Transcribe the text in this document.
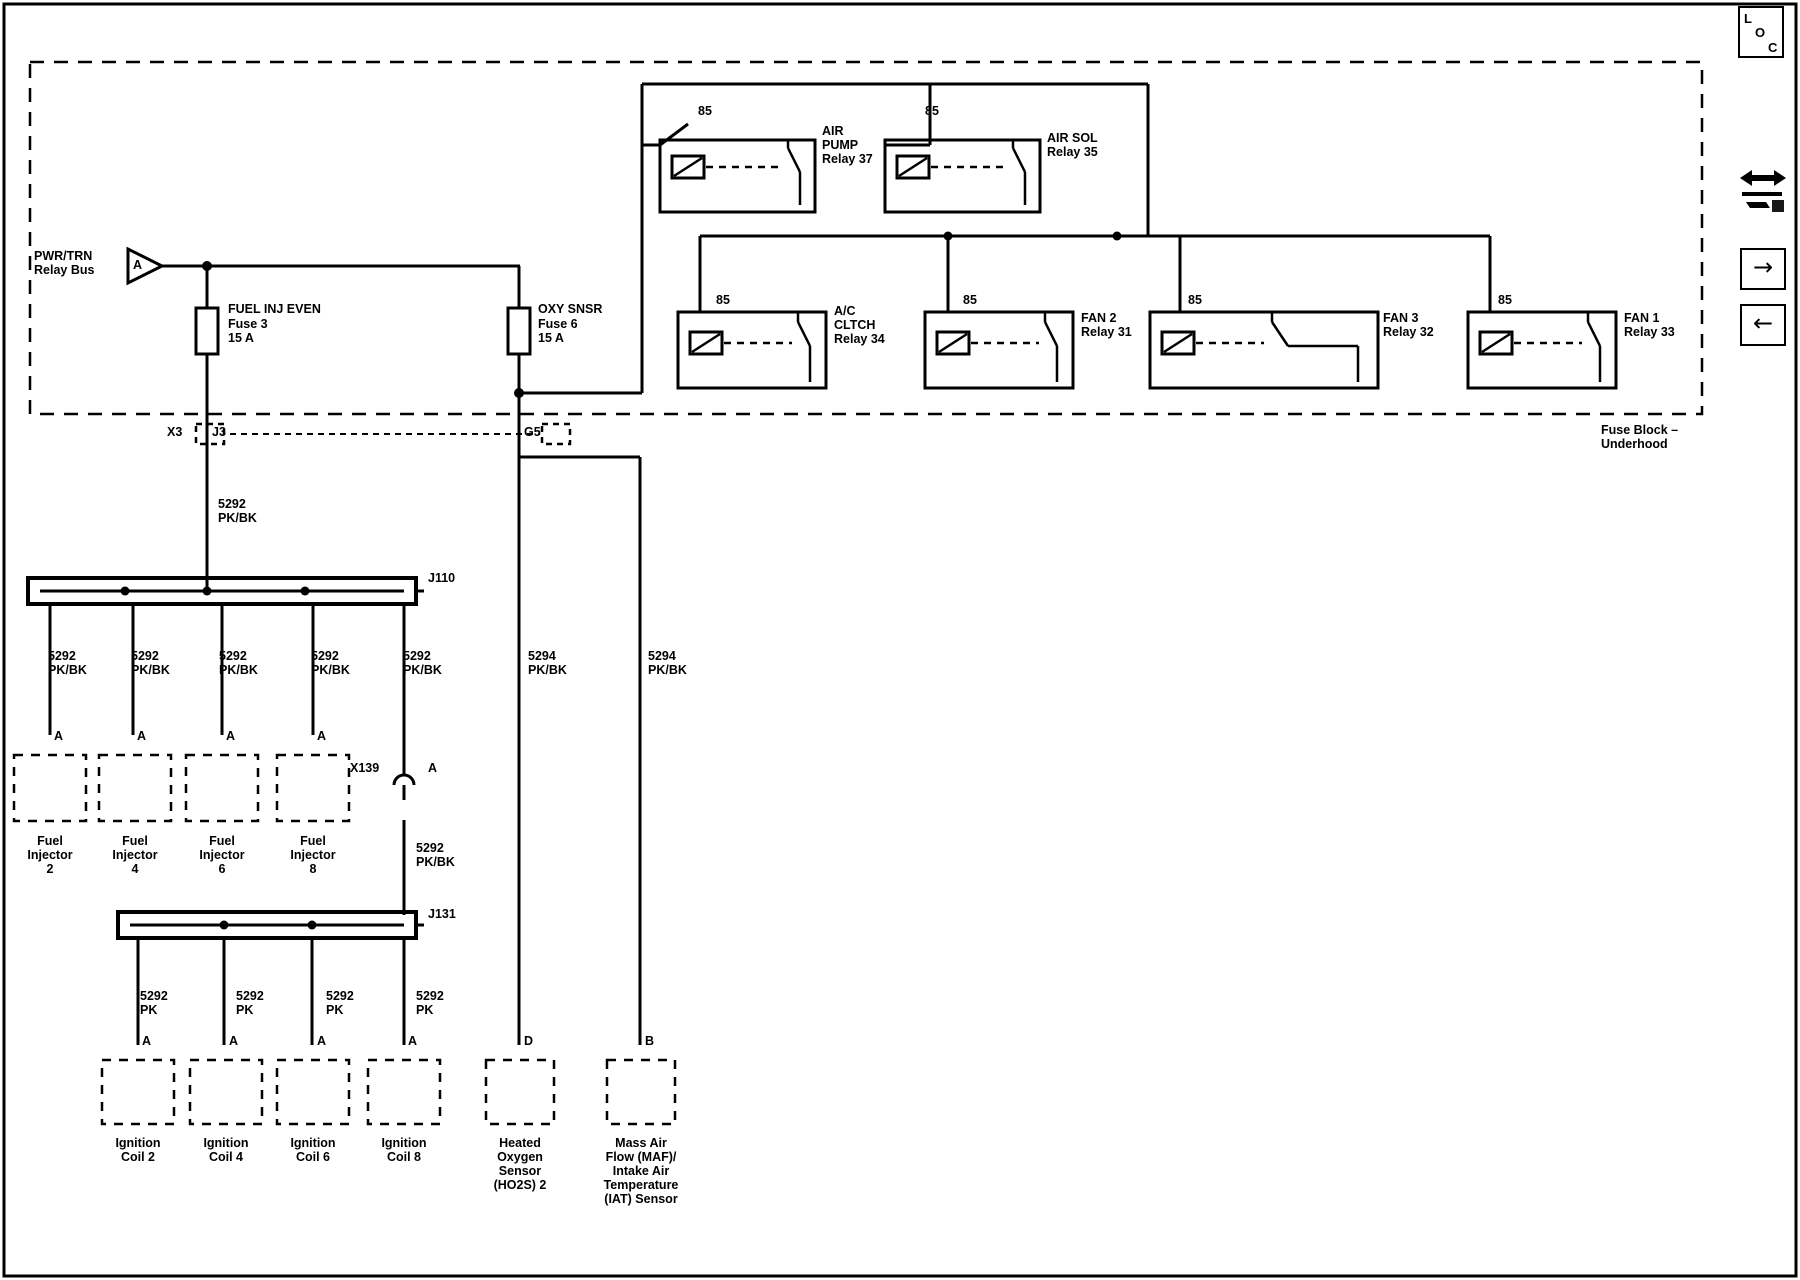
PWR/TRN
Relay Bus	A
FUEL INJ EVEN
Fuse 3
15 A
OXY SNSR
Fuse 6
15 A
85
AIR
PUMP
Relay 37
85
AIR SOL
Relay 35
85
A/C
CLTCH
Relay 34
85
FAN 3
Relay 32
FAN 2
Relay 31
85	85
FAN 1
Relay 33
Fuse Block –
Underhood
X3 J3	G5
J110
J131
X139	A
5292
PK/BK
5292
PK/BK
5292
PK/BK
5292
PK/BK
5292
PK/BK
5292
PK/BK
5294
PK/BK
5294
PK/BK
A	A	A	A
Fuel
Injector
2
Fuel
Injector
4
Fuel
Injector
6
Fuel
Injector
8
5292
PK/BK
5292
PK
5292
PK
5292
PK
5292
PK
A	A	A	A	D	B
Ignition
Coil 2
Ignition
Coil 4
Ignition
Coil 6
Ignition
Coil 8
Heated
Oxygen
Sensor
(HO2S) 2
Mass Air
Flow (MAF)/
Intake Air
Temperature
(IAT) Sensor
L
O
C
→
←
